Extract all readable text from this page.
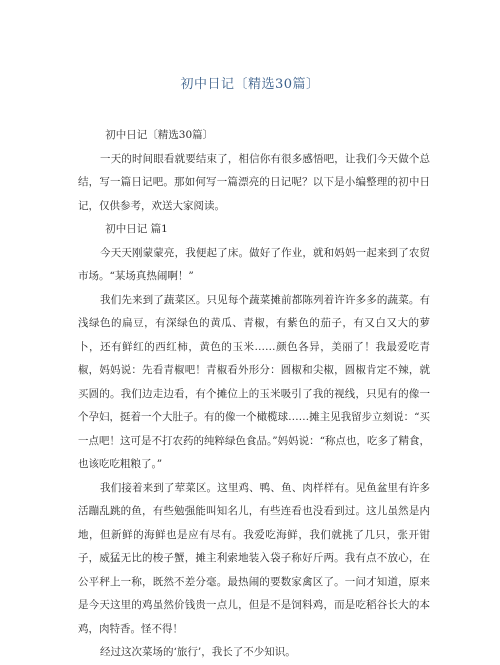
初中日记〔精选30篇〕

初中日记〔精选30篇〕

一天的时间眼看就要结束了，相信你有很多感悟吧，让我们今天做个总结，写一篇日记吧。那如何写一篇漂亮的日记呢？以下是小编整理的初中日记，仅供参考，欢送大家阅读。

初中日记 篇1

今天天刚蒙蒙亮，我便起了床。做好了作业，就和妈妈一起来到了农贸市场。“某场真热闹啊！”

我们先来到了蔬菜区。只见每个蔬菜摊前都陈列着许许多多的蔬菜。有浅绿色的扁豆，有深绿色的黄瓜、青椒，有紫色的茄子，有又白又大的萝卜，还有鲜红的西红柿，黄色的玉米……颜色各异，美丽了！我最爱吃青椒，妈妈说：先看青椒吧！青椒看外形分：圆椒和尖椒，圆椒肯定不辣，就买圆的。我们边走边看，有个摊位上的玉米吸引了我的视线，只见有的像一个孕妇，挺着一个大肚子。有的像一个橄榄球……摊主见我留步立刻说：“买一点吧！这可是不打农药的纯粹绿色食品。”妈妈说：“称点也，吃多了精食，也该吃吃粗粮了。”

我们接着来到了荤菜区。这里鸡、鸭、鱼、肉样样有。见鱼盆里有许多活蹦乱跳的鱼，有些勉强能叫知名儿，有些连看也没看到过。这儿虽然是内地，但新鲜的海鲜也是应有尽有。我爱吃海鲜，我们就挑了几只，张开钳子，威猛无比的梭子蟹，摊主利索地装入袋子称好斤两。我有点不放心，在公平秤上一称，既然不差分毫。最热闹的要数家禽区了。一问才知道，原来是今天这里的鸡虽然价钱贵一点儿，但是不是饲料鸡，而是吃稻谷长大的本鸡，肉特香。怪不得！

经过这次菜场的‘旅行’，我长了不少知识。
